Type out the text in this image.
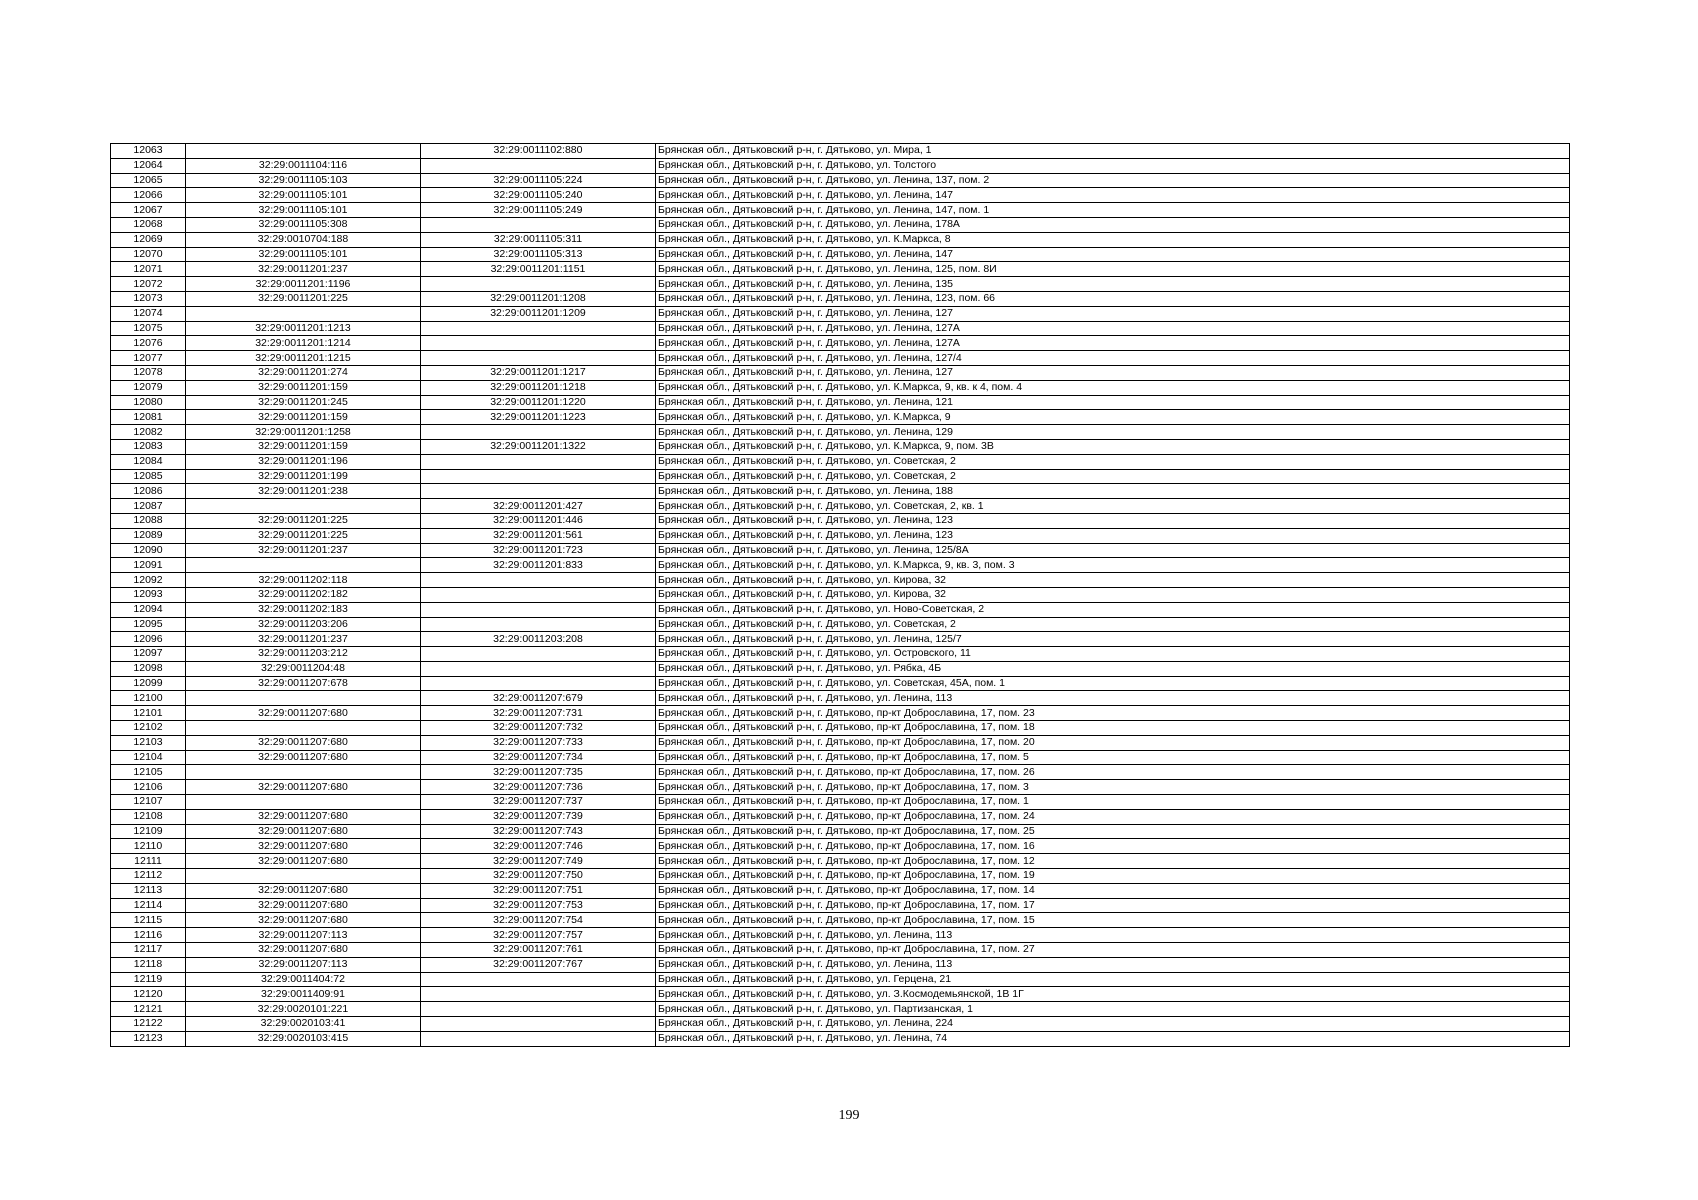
12063		32:29:0011102:880	Брянская обл., Дятьковский р-н, г. Дятьково, ул. Мира, 1
12064	32:29:0011104:116		Брянская обл., Дятьковский р-н, г. Дятьково, ул. Толстого
12065	32:29:0011105:103	32:29:0011105:224	Брянская обл., Дятьковский р-н, г. Дятьково, ул. Ленина, 137, пом. 2
12066	32:29:0011105:101	32:29:0011105:240	Брянская обл., Дятьковский р-н, г. Дятьково, ул. Ленина, 147
12067	32:29:0011105:101	32:29:0011105:249	Брянская обл., Дятьковский р-н, г. Дятьково, ул. Ленина, 147, пом. 1
12068	32:29:0011105:308		Брянская обл., Дятьковский р-н, г. Дятьково, ул. Ленина, 178А
12069	32:29:0010704:188	32:29:0011105:311	Брянская обл., Дятьковский р-н, г. Дятьково, ул. К.Маркса, 8
12070	32:29:0011105:101	32:29:0011105:313	Брянская обл., Дятьковский р-н, г. Дятьково, ул. Ленина, 147
12071	32:29:0011201:237	32:29:0011201:1151	Брянская обл., Дятьковский р-н, г. Дятьково, ул. Ленина, 125, пом. 8И
12072	32:29:0011201:1196		Брянская обл., Дятьковский р-н, г. Дятьково, ул. Ленина, 135
12073	32:29:0011201:225	32:29:0011201:1208	Брянская обл., Дятьковский р-н, г. Дятьково, ул. Ленина, 123, пом. 66
12074		32:29:0011201:1209	Брянская обл., Дятьковский р-н, г. Дятьково, ул. Ленина, 127
12075	32:29:0011201:1213		Брянская обл., Дятьковский р-н, г. Дятьково, ул. Ленина, 127А
12076	32:29:0011201:1214		Брянская обл., Дятьковский р-н, г. Дятьково, ул. Ленина, 127А
12077	32:29:0011201:1215		Брянская обл., Дятьковский р-н, г. Дятьково, ул. Ленина, 127/4
12078	32:29:0011201:274	32:29:0011201:1217	Брянская обл., Дятьковский р-н, г. Дятьково, ул. Ленина, 127
12079	32:29:0011201:159	32:29:0011201:1218	Брянская обл., Дятьковский р-н, г. Дятьково, ул. К.Маркса, 9, кв. к 4, пом. 4
12080	32:29:0011201:245	32:29:0011201:1220	Брянская обл., Дятьковский р-н, г. Дятьково, ул. Ленина, 121
12081	32:29:0011201:159	32:29:0011201:1223	Брянская обл., Дятьковский р-н, г. Дятьково, ул. К.Маркса, 9
12082	32:29:0011201:1258		Брянская обл., Дятьковский р-н, г. Дятьково, ул. Ленина, 129
12083	32:29:0011201:159	32:29:0011201:1322	Брянская обл., Дятьковский р-н, г. Дятьково, ул. К.Маркса, 9, пом. 3В
12084	32:29:0011201:196		Брянская обл., Дятьковский р-н, г. Дятьково, ул. Советская, 2
12085	32:29:0011201:199		Брянская обл., Дятьковский р-н, г. Дятьково, ул. Советская, 2
12086	32:29:0011201:238		Брянская обл., Дятьковский р-н, г. Дятьково, ул. Ленина, 188
12087		32:29:0011201:427	Брянская обл., Дятьковский р-н, г. Дятьково, ул. Советская, 2, кв. 1
12088	32:29:0011201:225	32:29:0011201:446	Брянская обл., Дятьковский р-н, г. Дятьково, ул. Ленина, 123
12089	32:29:0011201:225	32:29:0011201:561	Брянская обл., Дятьковский р-н, г. Дятьково, ул. Ленина, 123
12090	32:29:0011201:237	32:29:0011201:723	Брянская обл., Дятьковский р-н, г. Дятьково, ул. Ленина, 125/8А
12091		32:29:0011201:833	Брянская обл., Дятьковский р-н, г. Дятьково, ул. К.Маркса, 9, кв. 3, пом. 3
12092	32:29:0011202:118		Брянская обл., Дятьковский р-н, г. Дятьково, ул. Кирова, 32
12093	32:29:0011202:182		Брянская обл., Дятьковский р-н, г. Дятьково, ул. Кирова, 32
12094	32:29:0011202:183		Брянская обл., Дятьковский р-н, г. Дятьково, ул. Ново-Советская, 2
12095	32:29:0011203:206		Брянская обл., Дятьковский р-н, г. Дятьково, ул. Советская, 2
12096	32:29:0011201:237	32:29:0011203:208	Брянская обл., Дятьковский р-н, г. Дятьково, ул. Ленина, 125/7
12097	32:29:0011203:212		Брянская обл., Дятьковский р-н, г. Дятьково, ул. Островского, 11
12098	32:29:0011204:48		Брянская обл., Дятьковский р-н, г. Дятьково, ул. Рябка, 4Б
12099	32:29:0011207:678		Брянская обл., Дятьковский р-н, г. Дятьково, ул. Советская, 45А, пом. 1
12100		32:29:0011207:679	Брянская обл., Дятьковский р-н, г. Дятьково, ул. Ленина, 113
12101	32:29:0011207:680	32:29:0011207:731	Брянская обл., Дятьковский р-н, г. Дятьково, пр-кт Доброславина, 17, пом. 23
12102		32:29:0011207:732	Брянская обл., Дятьковский р-н, г. Дятьково, пр-кт Доброславина, 17, пом. 18
12103	32:29:0011207:680	32:29:0011207:733	Брянская обл., Дятьковский р-н, г. Дятьково, пр-кт Доброславина, 17, пом. 20
12104	32:29:0011207:680	32:29:0011207:734	Брянская обл., Дятьковский р-н, г. Дятьково, пр-кт Доброславина, 17, пом. 5
12105		32:29:0011207:735	Брянская обл., Дятьковский р-н, г. Дятьково, пр-кт Доброславина, 17, пом. 26
12106	32:29:0011207:680	32:29:0011207:736	Брянская обл., Дятьковский р-н, г. Дятьково, пр-кт Доброславина, 17, пом. 3
12107		32:29:0011207:737	Брянская обл., Дятьковский р-н, г. Дятьково, пр-кт Доброславина, 17, пом. 1
12108	32:29:0011207:680	32:29:0011207:739	Брянская обл., Дятьковский р-н, г. Дятьково, пр-кт Доброславина, 17, пом. 24
12109	32:29:0011207:680	32:29:0011207:743	Брянская обл., Дятьковский р-н, г. Дятьково, пр-кт Доброславина, 17, пом. 25
12110	32:29:0011207:680	32:29:0011207:746	Брянская обл., Дятьковский р-н, г. Дятьково, пр-кт Доброславина, 17, пом. 16
12111	32:29:0011207:680	32:29:0011207:749	Брянская обл., Дятьковский р-н, г. Дятьково, пр-кт Доброславина, 17, пом. 12
12112		32:29:0011207:750	Брянская обл., Дятьковский р-н, г. Дятьково, пр-кт Доброславина, 17, пом. 19
12113	32:29:0011207:680	32:29:0011207:751	Брянская обл., Дятьковский р-н, г. Дятьково, пр-кт Доброславина, 17, пом. 14
12114	32:29:0011207:680	32:29:0011207:753	Брянская обл., Дятьковский р-н, г. Дятьково, пр-кт Доброславина, 17, пом. 17
12115	32:29:0011207:680	32:29:0011207:754	Брянская обл., Дятьковский р-н, г. Дятьково, пр-кт Доброславина, 17, пом. 15
12116	32:29:0011207:113	32:29:0011207:757	Брянская обл., Дятьковский р-н, г. Дятьково, ул. Ленина, 113
12117	32:29:0011207:680	32:29:0011207:761	Брянская обл., Дятьковский р-н, г. Дятьково, пр-кт Доброславина, 17, пом. 27
12118	32:29:0011207:113	32:29:0011207:767	Брянская обл., Дятьковский р-н, г. Дятьково, ул. Ленина, 113
12119	32:29:0011404:72		Брянская обл., Дятьковский р-н, г. Дятьково, ул. Герцена, 21
12120	32:29:0011409:91		Брянская обл., Дятьковский р-н, г. Дятьково, ул. З.Космодемьянской, 1В 1Г
12121	32:29:0020101:221		Брянская обл., Дятьковский р-н, г. Дятьково, ул. Партизанская, 1
12122	32:29:0020103:41		Брянская обл., Дятьковский р-н, г. Дятьково, ул. Ленина, 224
12123	32:29:0020103:415		Брянская обл., Дятьковский р-н, г. Дятьково, ул. Ленина, 74
199
